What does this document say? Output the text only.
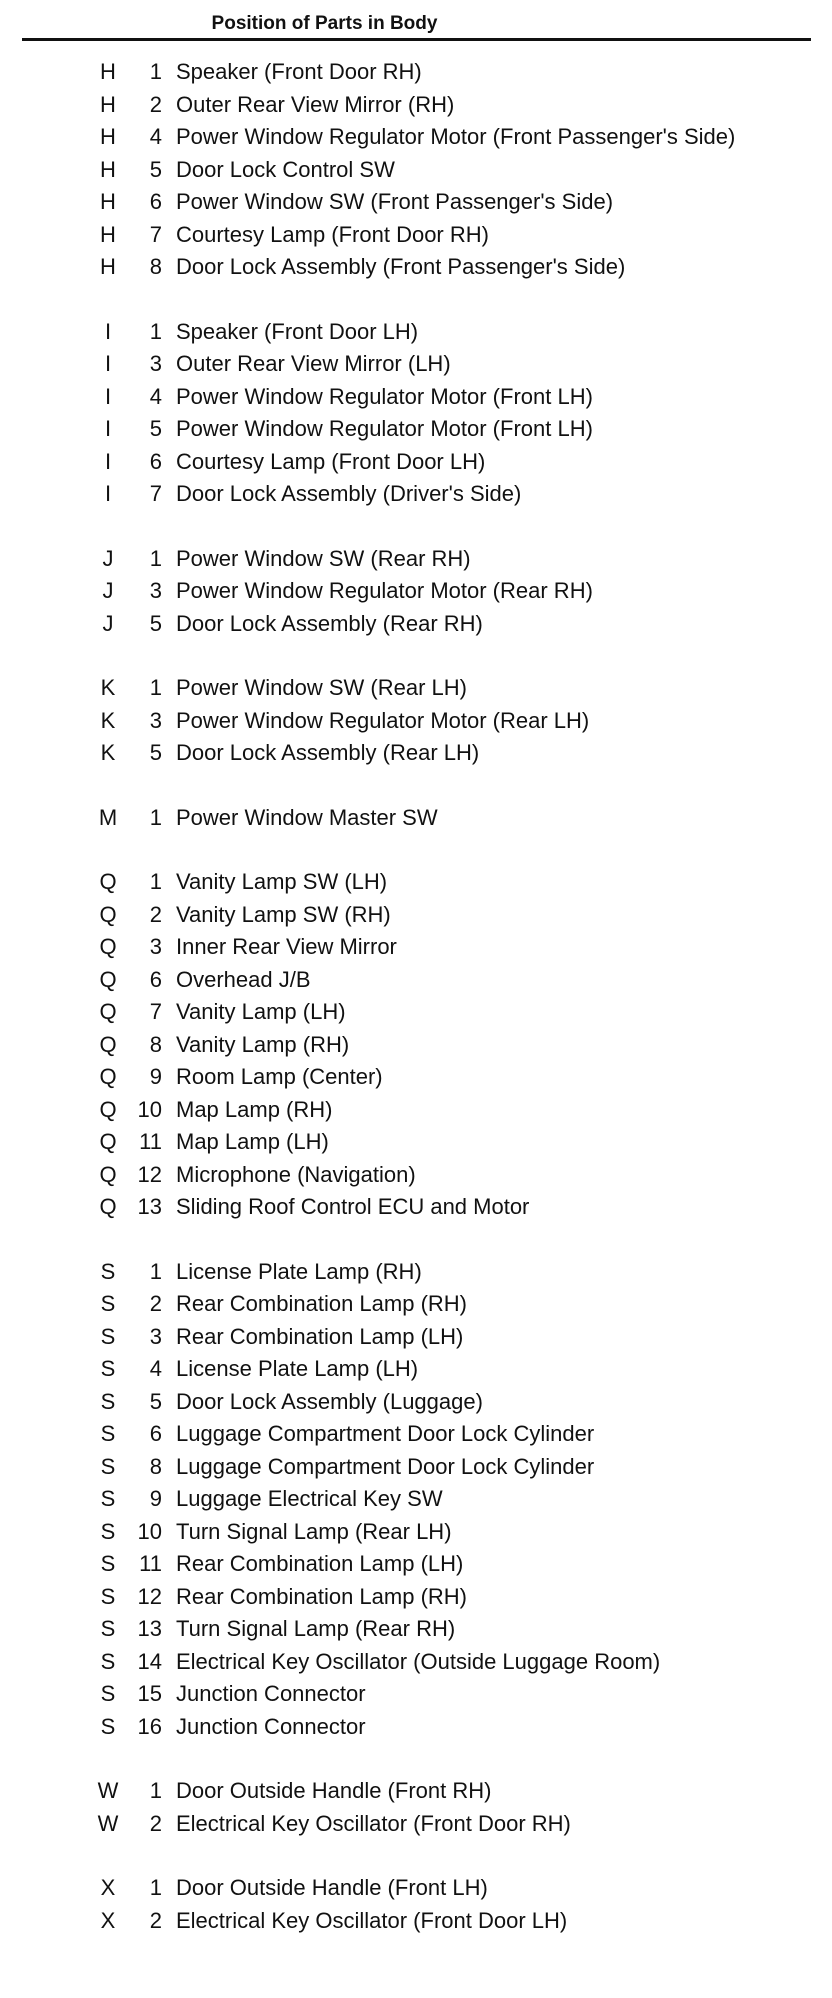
Position of Parts in Body
H	1 Speaker (Front Door RH)
H	2 Outer Rear View Mirror (RH)
H	4 Power Window Regulator Motor (Front Passenger's Side)
H	5 Door Lock Control SW
H	6 Power Window SW (Front Passenger's Side)
H	7 Courtesy Lamp (Front Door RH)
H	8 Door Lock Assembly (Front Passenger's Side)
I	1 Speaker (Front Door LH)
I	3 Outer Rear View Mirror (LH)
I	4 Power Window Regulator Motor (Front LH)
I	5 Power Window Regulator Motor (Front LH)
I	6 Courtesy Lamp (Front Door LH)
I	7 Door Lock Assembly (Driver's Side)
J	1 Power Window SW (Rear RH)
J	3 Power Window Regulator Motor (Rear RH)
J	5 Door Lock Assembly (Rear RH)
K	1 Power Window SW (Rear LH)
K	3 Power Window Regulator Motor (Rear LH)
K	5 Door Lock Assembly (Rear LH)
M	1 Power Window Master SW
Q	1 Vanity Lamp SW (LH)
Q	2 Vanity Lamp SW (RH)
Q	3 Inner Rear View Mirror
Q	6 Overhead J/B
Q	7 Vanity Lamp (LH)
Q	8 Vanity Lamp (RH)
Q	9 Room Lamp (Center)
Q 10 Map Lamp (RH)
Q	11 Map Lamp (LH)
Q 12 Microphone (Navigation)
Q 13 Sliding Roof Control ECU and Motor
S	1 License Plate Lamp (RH)
S	2 Rear Combination Lamp (RH)
S	3 Rear Combination Lamp (LH)
S	4 License Plate Lamp (LH)
S	5 Door Lock Assembly (Luggage)
S	6 Luggage Compartment Door Lock Cylinder
S	8 Luggage Compartment Door Lock Cylinder
S	9 Luggage Electrical Key SW
S	10 Turn Signal Lamp (Rear LH)
S	11 Rear Combination Lamp (LH)
S	12 Rear Combination Lamp (RH)
S	13 Turn Signal Lamp (Rear RH)
S	14 Electrical Key Oscillator (Outside Luggage Room)
S	15 Junction Connector
S	16 Junction Connector
W	1 Door Outside Handle (Front RH)
W	2 Electrical Key Oscillator (Front Door RH)
X	1 Door Outside Handle (Front LH)
X	2 Electrical Key Oscillator (Front Door LH)
